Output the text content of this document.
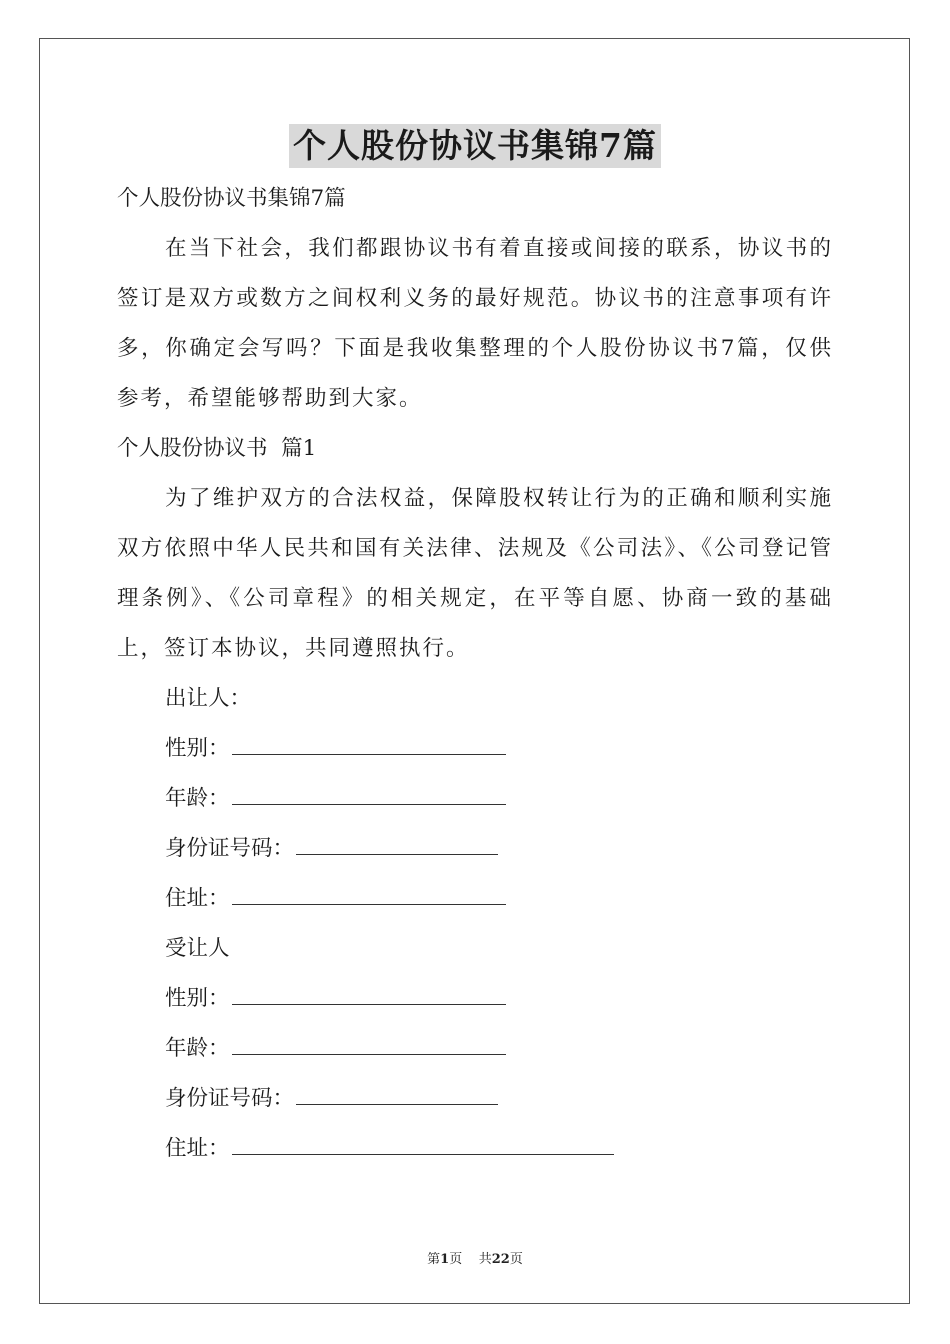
个人股份协议书集锦7篇
个人股份协议书集锦7篇
在当下社会，我们都跟协议书有着直接或间接的联系，协议书的签订是双方或数方之间权利义务的最好规范。协议书的注意事项有许多，你确定会写吗？下面是我收集整理的个人股份协议书7篇，仅供参考，希望能够帮助到大家。
个人股份协议书  篇1
为了维护双方的合法权益，保障股权转让行为的正确和顺利实施双方依照中华人民共和国有关法律、法规及《公司法》、《公司登记管理条例》、《公司章程》的相关规定，在平等自愿、协商一致的基础上，签订本协议，共同遵照执行。
出让人：
性别：
年龄：
身份证号码：
住址：
受让人
性别：
年龄：
身份证号码：
住址：
第1页 共22页
